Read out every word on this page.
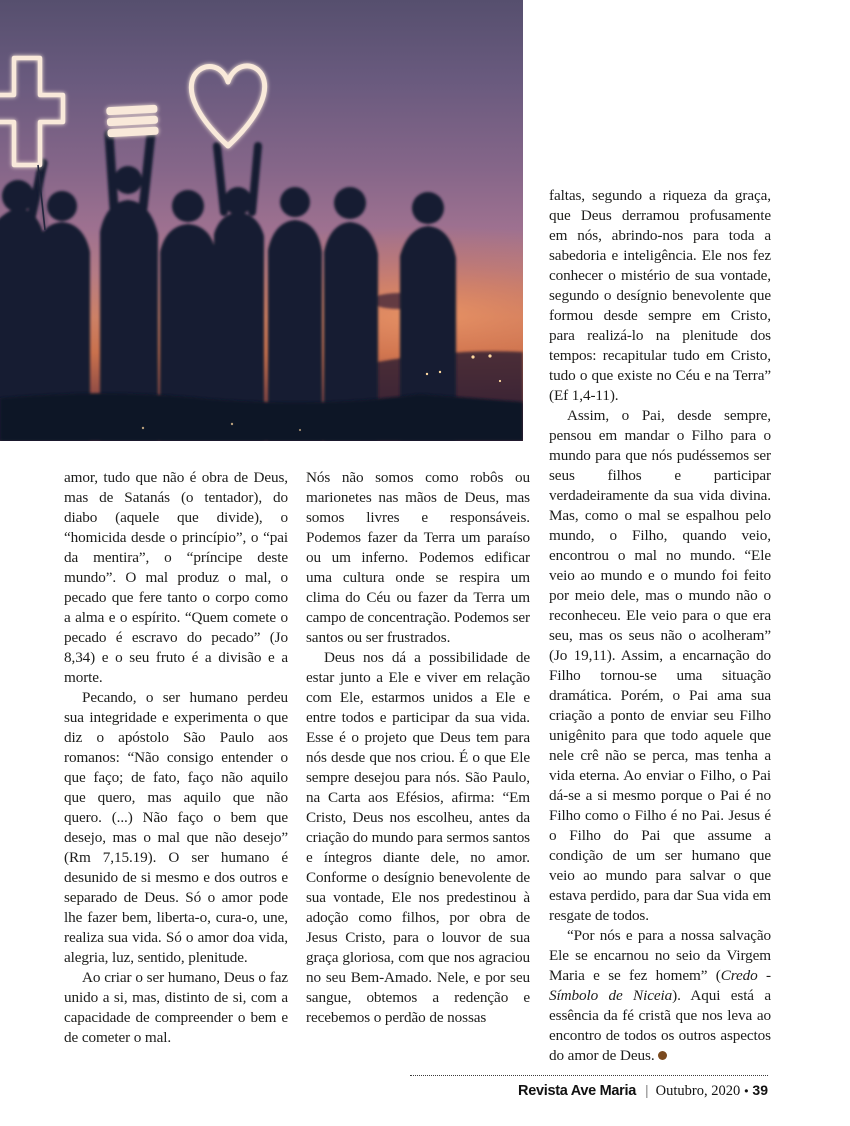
amor, tudo que não é obra de Deus, mas de Satanás (o tentador), do diabo (aquele que divide), o “homicida desde o princípio”, o “pai da mentira”, o “príncipe deste mundo”. O mal produz o mal, o pecado que fere tanto o corpo como a alma e o espírito. “Quem comete o pecado é escravo do pecado” (Jo 8,34) e o seu fruto é a divisão e a morte.

Pecando, o ser humano perdeu sua integridade e experimenta o que diz o apóstolo São Paulo aos romanos: “Não consigo entender o que faço; de fato, faço não aquilo que quero, mas aquilo que não quero. (...) Não faço o bem que desejo, mas o mal que não desejo” (Rm 7,15.19). O ser humano é desunido de si mesmo e dos outros e separado de Deus. Só o amor pode lhe fazer bem, liberta-o, cura-o, une, realiza sua vida. Só o amor doa vida, alegria, luz, sentido, plenitude.

Ao criar o ser humano, Deus o faz unido a si, mas, distinto de si, com a capacidade de compreender o bem e de cometer o mal.

Nós não somos como robôs ou marionetes nas mãos de Deus, mas somos livres e responsáveis. Podemos fazer da Terra um paraíso ou um inferno. Podemos edificar uma cultura onde se respira um clima do Céu ou fazer da Terra um campo de concentração. Podemos ser santos ou ser frustrados.

Deus nos dá a possibilidade de estar junto a Ele e viver em relação com Ele, estarmos unidos a Ele e entre todos e participar da sua vida. Esse é o projeto que Deus tem para nós desde que nos criou. É o que Ele sempre desejou para nós. São Paulo, na Carta aos Efésios, afirma: “Em Cristo, Deus nos escolheu, antes da criação do mundo para sermos santos e íntegros diante dele, no amor. Conforme o desígnio benevolente de sua vontade, Ele nos predestinou à adoção como filhos, por obra de Jesus Cristo, para o louvor de sua graça gloriosa, com que nos agraciou no seu Bem-Amado. Nele, e por seu sangue, obtemos a redenção e recebemos o perdão de nossas

faltas, segundo a riqueza da graça, que Deus derramou profusamente em nós, abrindo-nos para toda a sabedoria e inteligência. Ele nos fez conhecer o mistério de sua vontade, segundo o desígnio benevolente que formou desde sempre em Cristo, para realizá-lo na plenitude dos tempos: recapitular tudo em Cristo, tudo o que existe no Céu e na Terra” (Ef 1,4-11).

Assim, o Pai, desde sempre, pensou em mandar o Filho para o mundo para que nós pudéssemos ser seus filhos e participar verdadeiramente da sua vida divina. Mas, como o mal se espalhou pelo mundo, o Filho, quando veio, encontrou o mal no mundo. “Ele veio ao mundo e o mundo foi feito por meio dele, mas o mundo não o reconheceu. Ele veio para o que era seu, mas os seus não o acolheram” (Jo 19,11). Assim, a encarnação do Filho tornou-se uma situação dramática. Porém, o Pai ama sua criação a ponto de enviar seu Filho unigênito para que todo aquele que nele crê não se perca, mas tenha a vida eterna. Ao enviar o Filho, o Pai dá-se a si mesmo porque o Pai é no Filho como o Filho é no Pai. Jesus é o Filho do Pai que assume a condição de um ser humano que veio ao mundo para salvar o que estava perdido, para dar Sua vida em resgate de todos.

“Por nós e para a nossa salvação Ele se encarnou no seio da Virgem Maria e se fez homem” (Credo - Símbolo de Niceia). Aqui está a essência da fé cristã que nos leva ao encontro de todos os outros aspectos do amor de Deus.

Revista Ave Maria | Outubro, 2020 • 39
